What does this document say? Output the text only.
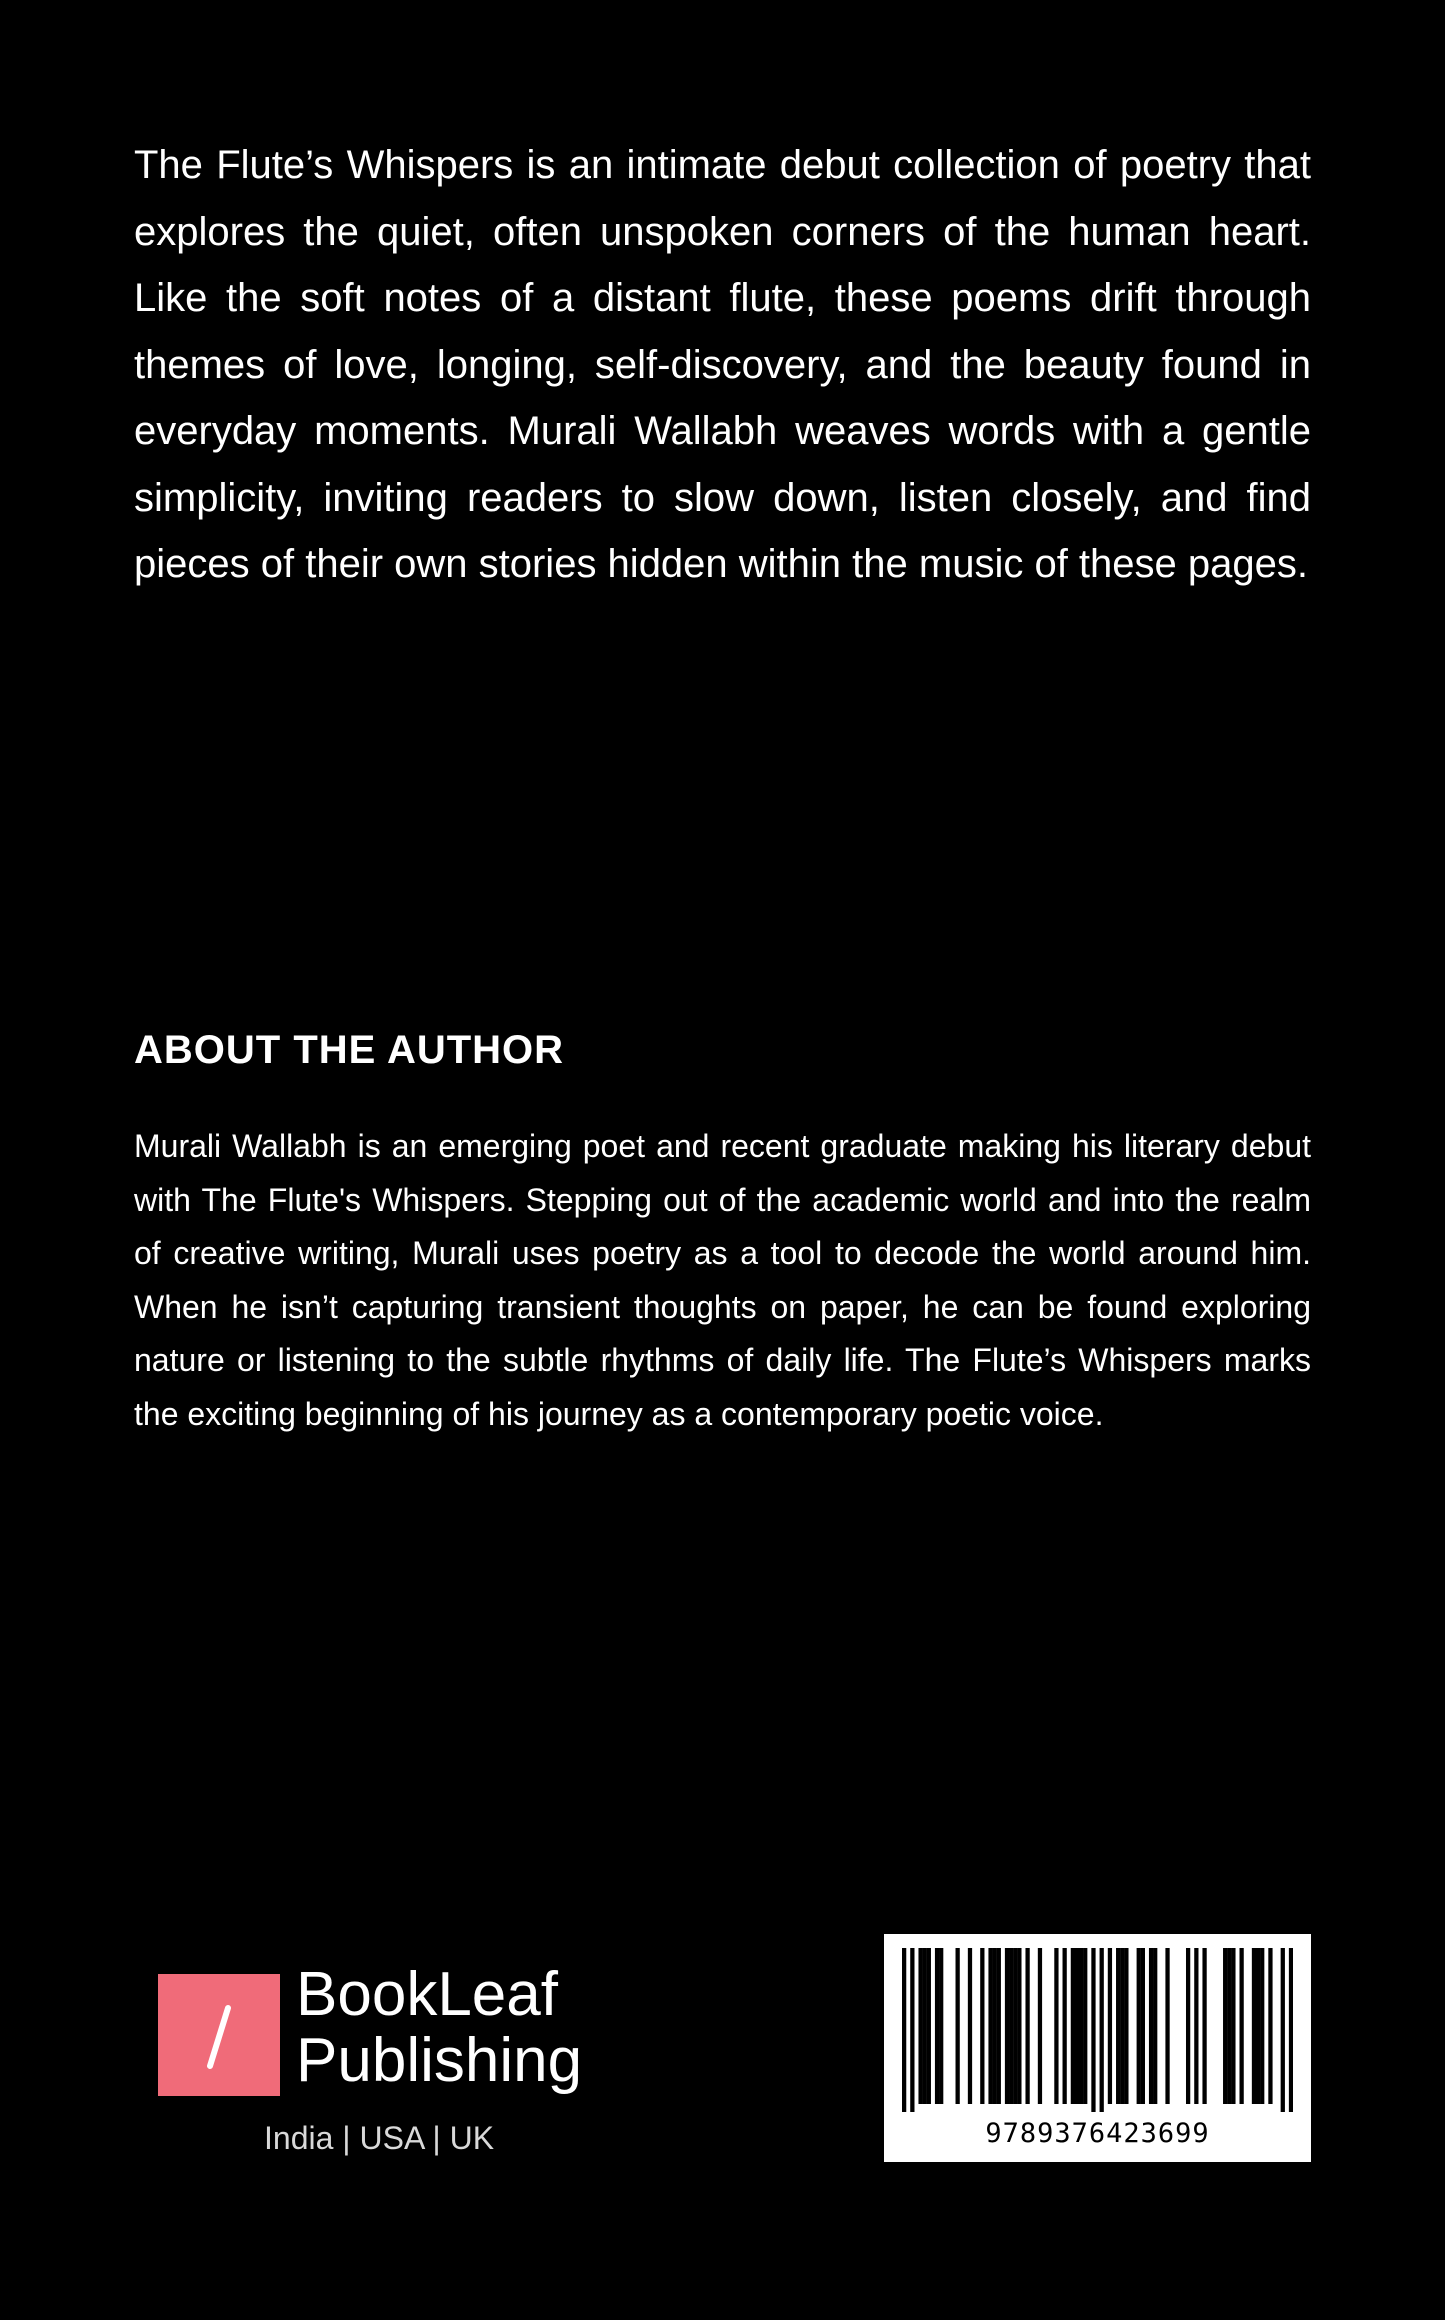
The Flute’s Whispers is an intimate debut collection of poetry that explores the quiet, often unspoken corners of the human heart. Like the soft notes of a distant flute, these poems drift through themes of love, longing, self-discovery, and the beauty found in everyday moments. Murali Wallabh weaves words with a gentle simplicity, inviting readers to slow down, listen closely, and find pieces of their own stories hidden within the music of these pages.

ABOUT THE AUTHOR

Murali Wallabh is an emerging poet and recent graduate making his literary debut with The Flute's Whispers. Stepping out of the academic world and into the realm of creative writing, Murali uses poetry as a tool to decode the world around him. When he isn’t capturing transient thoughts on paper, he can be found exploring nature or listening to the subtle rhythms of daily life. The Flute’s Whispers marks the exciting beginning of his journey as a contemporary poetic voice.

BookLeaf
Publishing
India | USA | UK	9789376423699
